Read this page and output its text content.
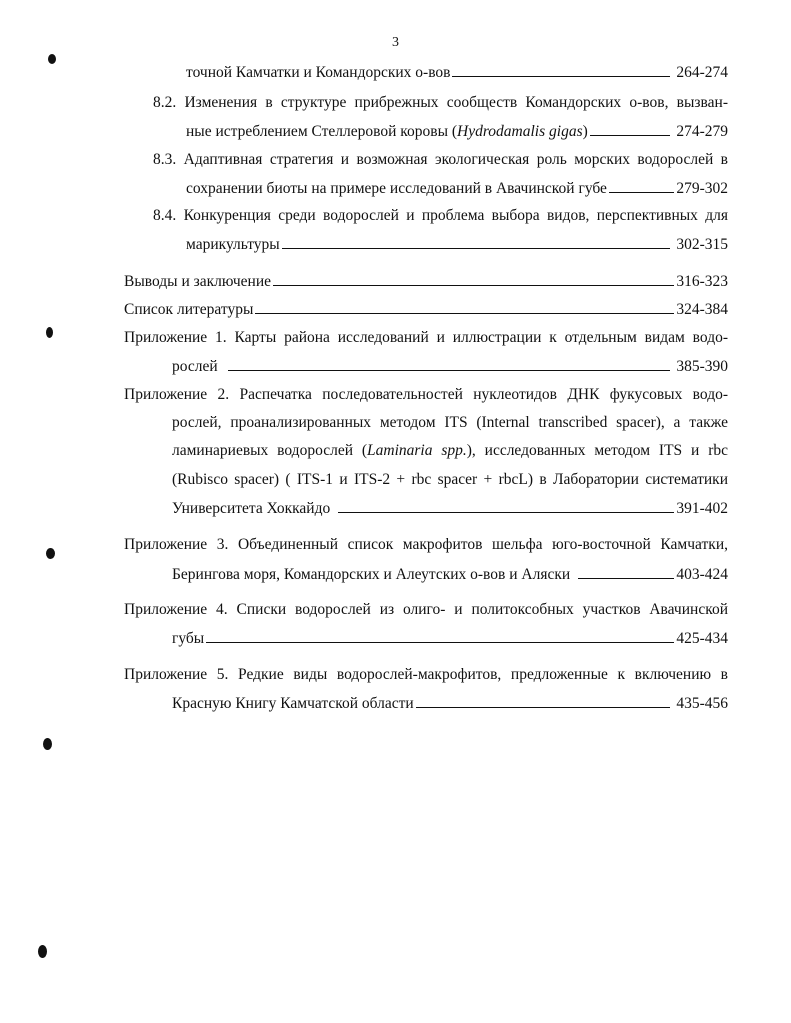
3
точной Камчатки и Командорских о-вов	264-274
8.2. Изменения в структуре прибрежных сообществ Командорских о-вов, вызван-
ные истреблением Стеллеровой коровы (Hydrodamalis gigas)	274-279
8.3. Адаптивная стратегия и возможная экологическая роль морских водорослей в
сохранении биоты на примере исследований в Авачинской губе	279-302
8.4. Конкуренция среди водорослей и проблема выбора видов, перспективных для
марикультуры	302-315
Выводы и заключение	316-323
Список литературы	324-384
Приложение 1. Карты района исследований и иллюстрации к отдельным видам водо-
рослей	385-390
Приложение 2. Распечатка последовательностей нуклеотидов ДНК фукусовых водо-
рослей, проанализированных методом ITS (Internal transcribed spacer), а также
ламинариевых водорослей (Laminaria spp.), исследованных методом ITS и rbc
(Rubisco spacer) ( ITS-1 и ITS-2 + rbc spacer + rbcL) в Лаборатории систематики
Университета Хоккайдо	391-402
Приложение 3. Объединенный список макрофитов шельфа юго-восточной Камчатки,
Берингова моря, Командорских и Алеутских о-вов и Аляски	403-424
Приложение 4. Списки водорослей из олиго- и политоксобных участков Авачинской
губы	425-434
Приложение 5. Редкие виды водорослей-макрофитов, предложенные к включению в
Красную Книгу Камчатской области	435-456
